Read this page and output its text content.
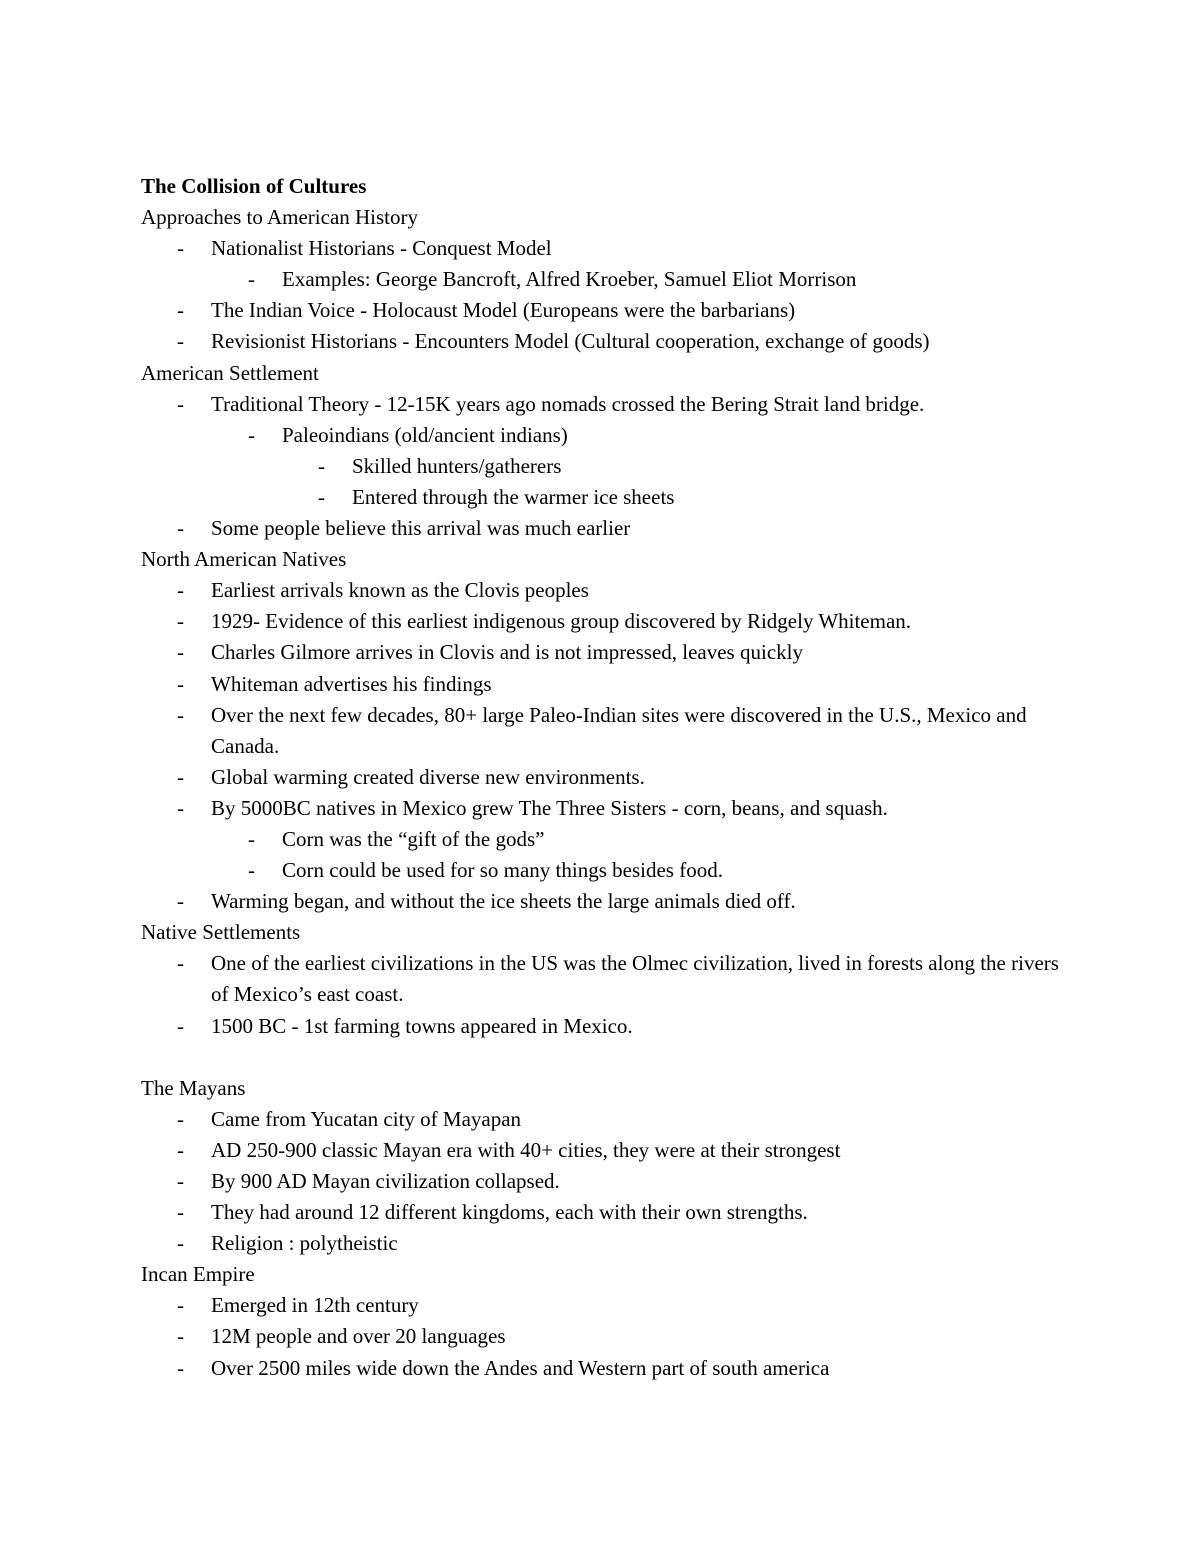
The Collision of Cultures
Approaches to American History
- Nationalist Historians - Conquest Model
- Examples: George Bancroft, Alfred Kroeber, Samuel Eliot Morrison
- The Indian Voice - Holocaust Model (Europeans were the barbarians)
- Revisionist Historians - Encounters Model (Cultural cooperation, exchange of goods)
American Settlement
- Traditional Theory - 12-15K years ago nomads crossed the Bering Strait land bridge.
- Paleoindians (old/ancient indians)
- Skilled hunters/gatherers
- Entered through the warmer ice sheets
- Some people believe this arrival was much earlier
North American Natives
- Earliest arrivals known as the Clovis peoples
- 1929- Evidence of this earliest indigenous group discovered by Ridgely Whiteman.
- Charles Gilmore arrives in Clovis and is not impressed, leaves quickly
- Whiteman advertises his findings
- Over the next few decades, 80+ large Paleo-Indian sites were discovered in the U.S., Mexico and Canada.
- Global warming created diverse new environments.
- By 5000BC natives in Mexico grew The Three Sisters - corn, beans, and squash.
- Corn was the “gift of the gods”
- Corn could be used for so many things besides food.
- Warming began, and without the ice sheets the large animals died off.
Native Settlements
- One of the earliest civilizations in the US was the Olmec civilization, lived in forests along the rivers of Mexico’s east coast.
- 1500 BC - 1st farming towns appeared in Mexico.
The Mayans
- Came from Yucatan city of Mayapan
- AD 250-900 classic Mayan era with 40+ cities, they were at their strongest
- By 900 AD Mayan civilization collapsed.
- They had around 12 different kingdoms, each with their own strengths.
- Religion : polytheistic
Incan Empire
- Emerged in 12th century
- 12M people and over 20 languages
- Over 2500 miles wide down the Andes and Western part of south america
